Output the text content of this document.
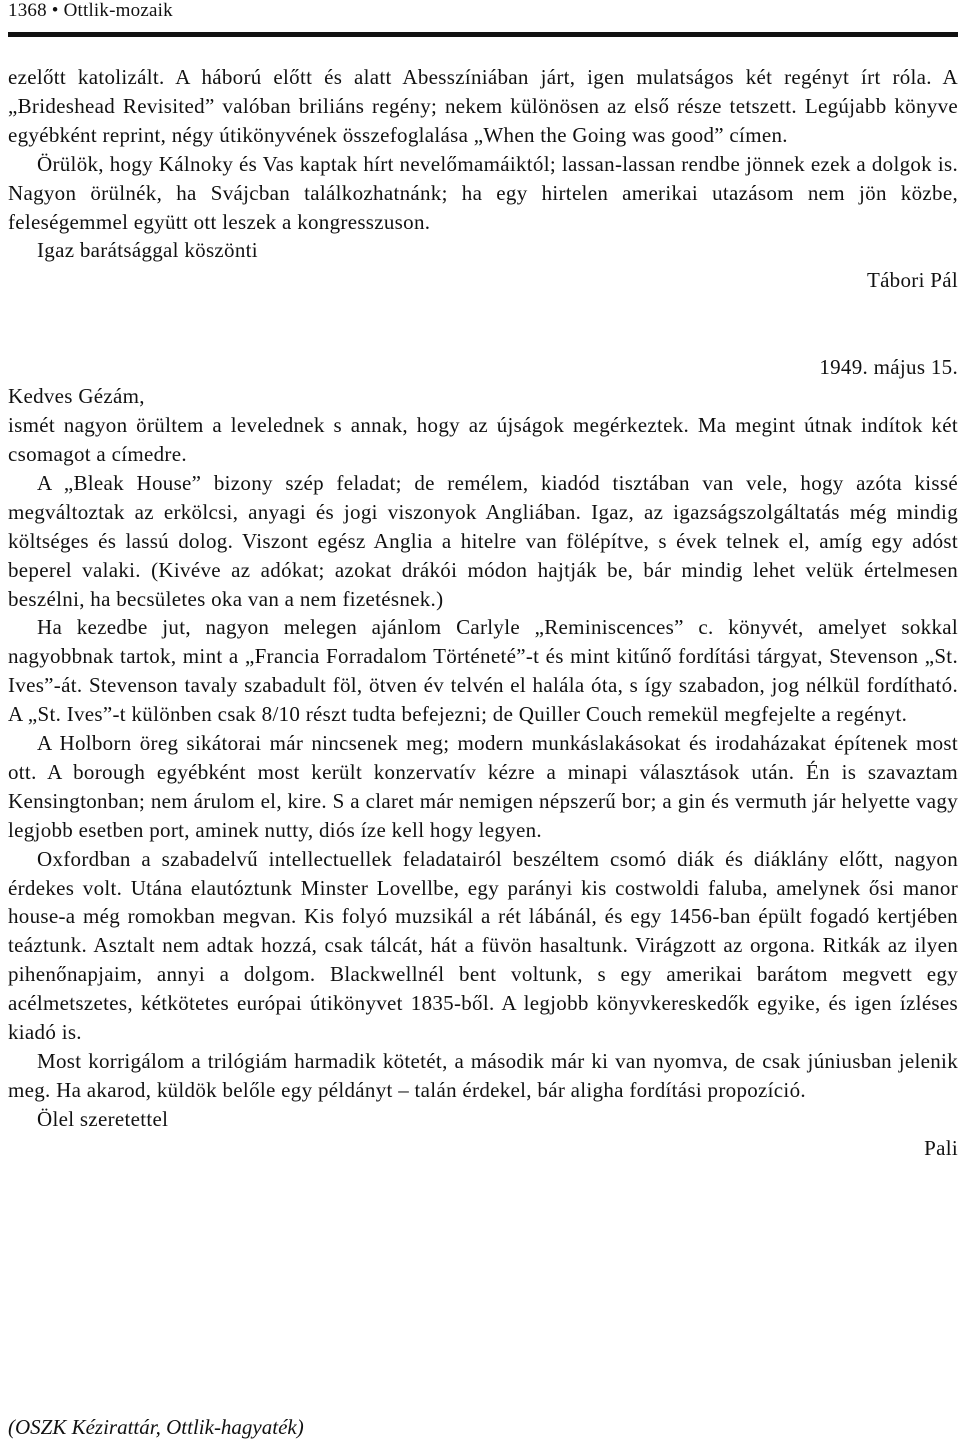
1368 • Ottlik-mozaik

ezelőtt katolizált. A háború előtt és alatt Abesszíniában járt, igen mulatságos két regényt írt róla. A „Brideshead Revisited” valóban briliáns regény; nekem különösen az első része tetszett. Legújabb könyve egyébként reprint, négy útikönyvének összefoglalása „When the Going was good” címen.

Örülök, hogy Kálnoky és Vas kaptak hírt nevelőmamáiktól; lassan-lassan rendbe jönnek ezek a dolgok is. Nagyon örülnék, ha Svájcban találkozhatnánk; ha egy hirtelen amerikai utazásom nem jön közbe, feleségemmel együtt ott leszek a kongresszuson.

Igaz barátsággal köszönti

Tábori Pál

1949. május 15.

Kedves Gézám,

ismét nagyon örültem a levelednek s annak, hogy az újságok megérkeztek. Ma megint útnak indítok két csomagot a címedre.

A „Bleak House” bizony szép feladat; de remélem, kiadód tisztában van vele, hogy azóta kissé megváltoztak az erkölcsi, anyagi és jogi viszonyok Angliában. Igaz, az igazságszolgáltatás még mindig költséges és lassú dolog. Viszont egész Anglia a hitelre van fölépítve, s évek telnek el, amíg egy adóst beperel valaki. (Kivéve az adókat; azokat drákói módon hajtják be, bár mindig lehet velük értelmesen beszélni, ha becsületes oka van a nem fizetésnek.)

Ha kezedbe jut, nagyon melegen ajánlom Carlyle „Reminiscences” c. könyvét, amelyet sokkal nagyobbnak tartok, mint a „Francia Forradalom Történeté”-t és mint kitűnő fordítási tárgyat, Stevenson „St. Ives”-át. Stevenson tavaly szabadult föl, ötven év telvén el halála óta, s így szabadon, jog nélkül fordítható. A „St. Ives”-t különben csak 8/10 részt tudta befejezni; de Quiller Couch remekül megfejelte a regényt.

A Holborn öreg sikátorai már nincsenek meg; modern munkáslakásokat és irodaházakat építenek most ott. A borough egyébként most került konzervatív kézre a minapi választások után. Én is szavaztam Kensingtonban; nem árulom el, kire. S a claret már nemigen népszerű bor; a gin és vermuth jár helyette vagy legjobb esetben port, aminek nutty, diós íze kell hogy legyen.

Oxfordban a szabadelvű intellectuellek feladatairól beszéltem csomó diák és diáklány előtt, nagyon érdekes volt. Utána elautóztunk Minster Lovellbe, egy parányi kis costwoldi faluba, amelynek ősi manor house-a még romokban megvan. Kis folyó muzsikál a rét lábánál, és egy 1456-ban épült fogadó kertjében teáztunk. Asztalt nem adtak hozzá, csak tálcát, hát a füvön hasaltunk. Virágzott az orgona. Ritkák az ilyen pihenőnapjaim, annyi a dolgom. Blackwellnél bent voltunk, s egy amerikai barátom megvett egy acélmetszetes, kétkötetes európai útikönyvet 1835-ből. A legjobb könyvkereskedők egyike, és igen ízléses kiadó is.

Most korrigálom a trilógiám harmadik kötetét, a második már ki van nyomva, de csak júniusban jelenik meg. Ha akarod, küldök belőle egy példányt – talán érdekel, bár aligha fordítási propozíció.

Ölel szeretettel

Pali

(OSZK Kézirattár, Ottlik-hagyaték)
